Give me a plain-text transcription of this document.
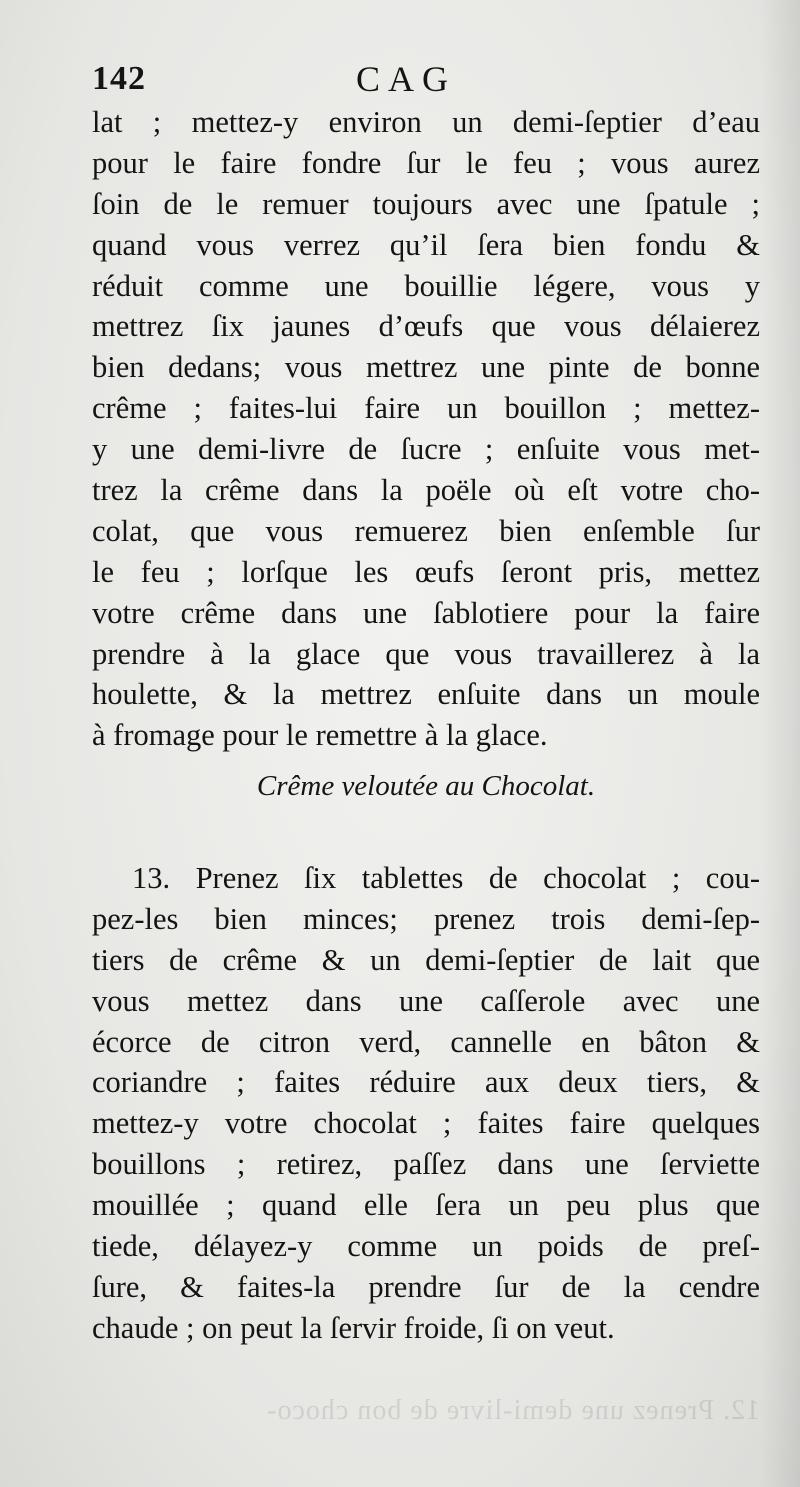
142	CAG
lat ; mettez-y environ un demi-ſeptier d’eau
pour le faire fondre ſur le feu ; vous aurez
ſoin de le remuer toujours avec une ſpatule ;
quand vous verrez qu’il ſera bien fondu &
réduit comme une bouillie légere, vous y
mettrez ſix jaunes d’œufs que vous délaierez
bien dedans; vous mettrez une pinte de bonne
crême ; faites-lui faire un bouillon ; mettez-
y une demi-livre de ſucre ; enſuite vous met-
trez la crême dans la poële où eſt votre cho-
colat, que vous remuerez bien enſemble ſur
le feu ; lorſque les œufs ſeront pris, mettez
votre crême dans une ſablotiere pour la faire
prendre à la glace que vous travaillerez à la
houlette, & la mettrez enſuite dans un moule
à fromage pour le remettre à la glace.
Crême veloutée au Chocolat.
13. Prenez ſix tablettes de chocolat ; cou-
pez-les bien minces; prenez trois demi-ſep-
tiers de crême & un demi-ſeptier de lait que
vous mettez dans une caſſerole avec une
écorce de citron verd, cannelle en bâton &
coriandre ; faites réduire aux deux tiers, &
mettez-y votre chocolat ; faites faire quelques
bouillons ; retirez, paſſez dans une ſerviette
mouillée ; quand elle ſera un peu plus que
tiede, délayez-y comme un poids de preſ-
ſure, & faites-la prendre ſur de la cendre
chaude ; on peut la ſervir froide, ſi on veut.
12. Prenez une demi-livre de bon choco-
